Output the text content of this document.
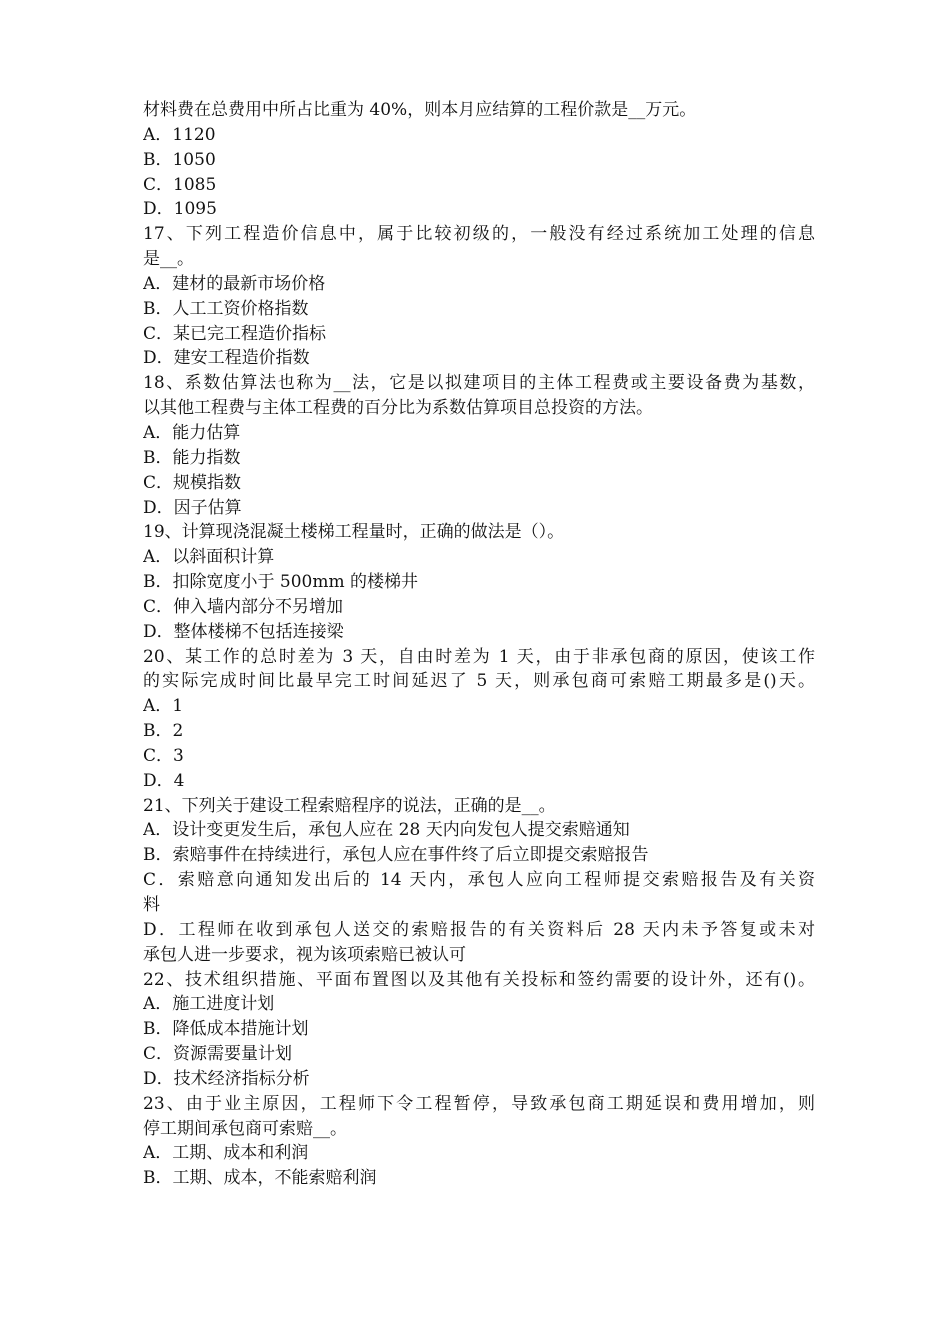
材料费在总费用中所占比重为 40%，则本月应结算的工程价款是__万元。
A．1120
B．1050
C．1085
D．1095
17、下列工程造价信息中，属于比较初级的，一般没有经过系统加工处理的信息
是__。
A．建材的最新市场价格
B．人工工资价格指数
C．某已完工程造价指标
D．建安工程造价指数
18、系数估算法也称为__法，它是以拟建项目的主体工程费或主要设备费为基数，
以其他工程费与主体工程费的百分比为系数估算项目总投资的方法。
A．能力估算
B．能力指数
C．规模指数
D．因子估算
19、计算现浇混凝土楼梯工程量时，正确的做法是（）。
A．以斜面积计算
B．扣除宽度小于 500mm 的楼梯井
C．伸入墙内部分不另增加
D．整体楼梯不包括连接梁
20、某工作的总时差为 3 天，自由时差为 1 天，由于非承包商的原因，使该工作
的实际完成时间比最早完工时间延迟了 5 天，则承包商可索赔工期最多是()天。
A．1
B．2
C．3
D．4
21、下列关于建设工程索赔程序的说法，正确的是__。
A．设计变更发生后，承包人应在 28 天内向发包人提交索赔通知
B．索赔事件在持续进行，承包人应在事件终了后立即提交索赔报告
C．索赔意向通知发出后的 14 天内，承包人应向工程师提交索赔报告及有关资
料
D．工程师在收到承包人送交的索赔报告的有关资料后 28 天内未予答复或未对
承包人进一步要求，视为该项索赔已被认可
22、技术组织措施、平面布置图以及其他有关投标和签约需要的设计外，还有()。
A．施工进度计划
B．降低成本措施计划
C．资源需要量计划
D．技术经济指标分析
23、由于业主原因，工程师下令工程暂停，导致承包商工期延误和费用增加，则
停工期间承包商可索赔__。
A．工期、成本和利润
B．工期、成本，不能索赔利润
